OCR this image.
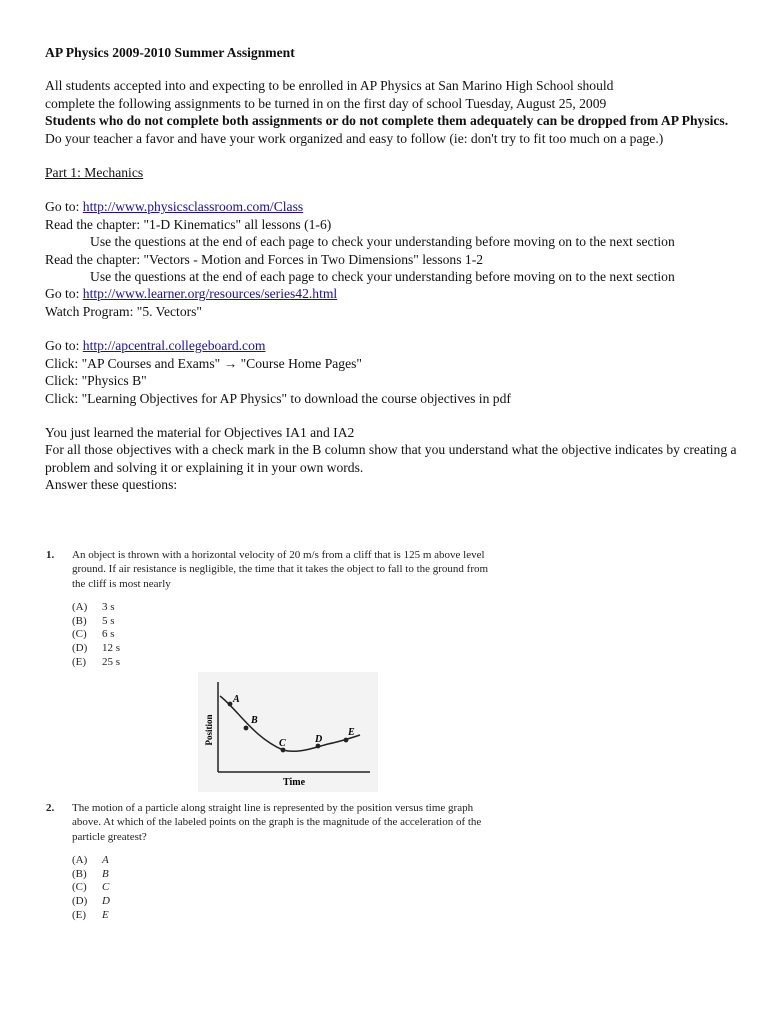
AP Physics 2009-2010 Summer Assignment

All students accepted into and expecting to be enrolled in AP Physics at San Marino High School should

complete the following assignments to be turned in on the first day of school Tuesday, August 25, 2009

Students who do not complete both assignments or do not complete them adequately can be dropped from AP Physics. Do your teacher a favor and have your work organized and easy to follow (ie: don't try to fit too much on a page.)

Part 1: Mechanics

Go to: http://www.physicsclassroom.com/Class

Read the chapter: "1-D Kinematics" all lessons (1-6)

Use the questions at the end of each page to check your understanding before moving on to the next section

Read the chapter: "Vectors - Motion and Forces in Two Dimensions" lessons 1-2

Use the questions at the end of each page to check your understanding before moving on to the next section

Go to: http://www.learner.org/resources/series42.html

Watch Program: "5. Vectors"

Go to: http://apcentral.collegeboard.com

Click: "AP Courses and Exams" → "Course Home Pages"

Click: "Physics B"

Click: "Learning Objectives for AP Physics" to download the course objectives in pdf

You just learned the material for Objectives IA1 and IA2

For all those objectives with a check mark in the B column show that you understand what the objective indicates by creating a problem and solving it or explaining it in your own words.

Answer these questions:

1. An object is thrown with a horizontal velocity of 20 m/s from a cliff that is 125 m above level ground. If air resistance is negligible, the time that it takes the object to fall to the ground from the cliff is most nearly
(A) 3 s
(B) 5 s
(C) 6 s
(D) 12 s
(E) 25 s
A
B
C	D
E
Position
Time
2. The motion of a particle along straight line is represented by the position versus time graph above. At which of the labeled points on the graph is the magnitude of the acceleration of the particle greatest?
(A) A
(B) B
(C) C
(D) D
(E) E
